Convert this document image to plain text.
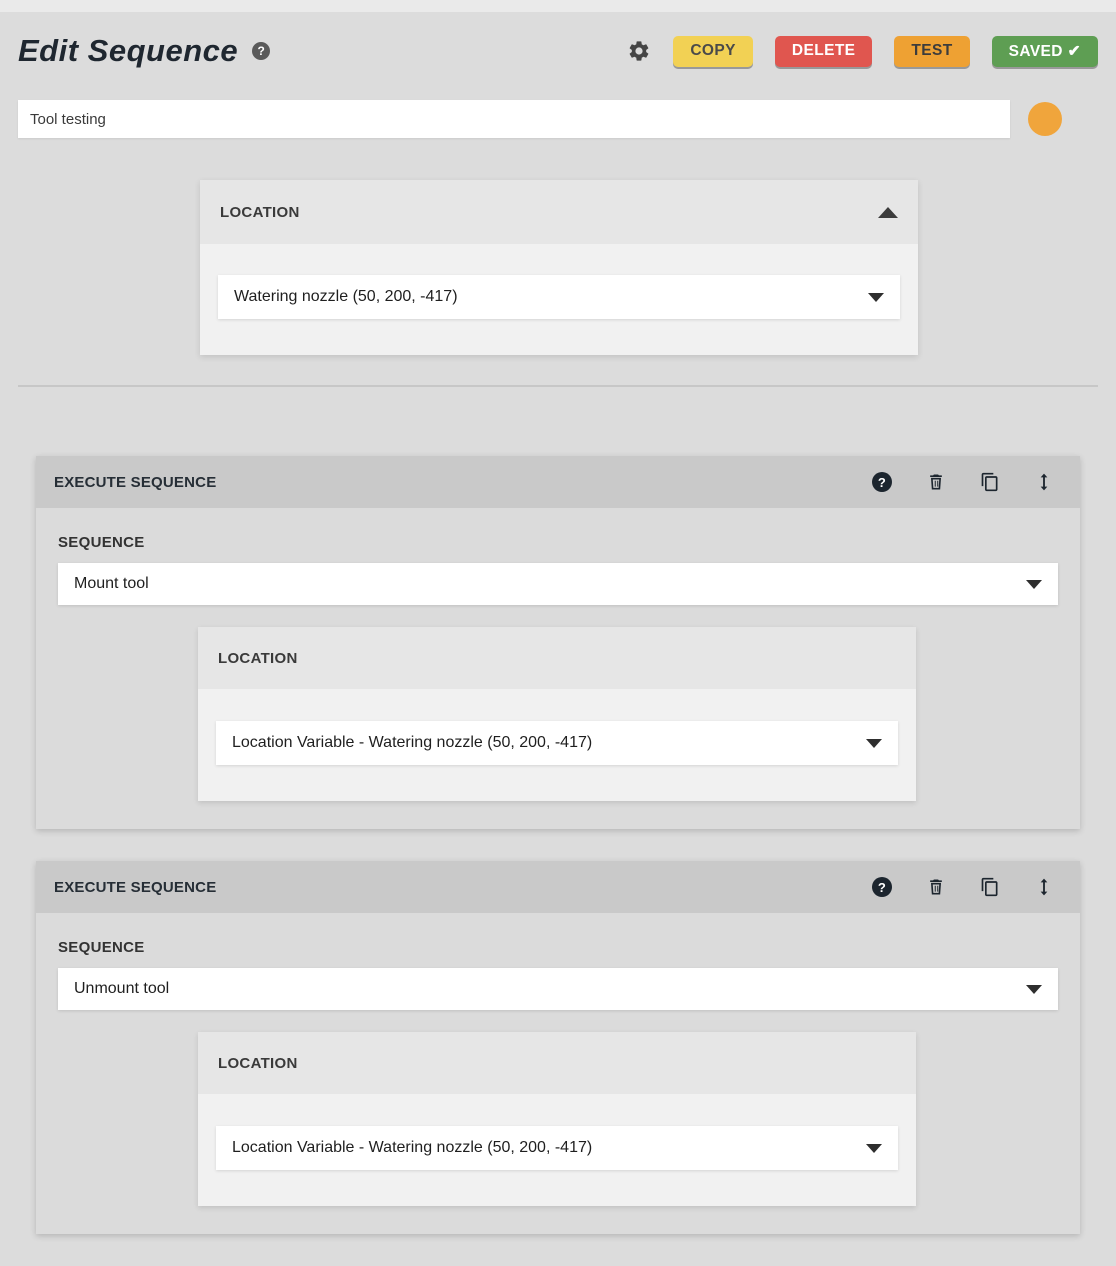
Edit Sequence	?	COPY	DELETE	TEST	SAVED ✔
Tool testing
LOCATION
Watering nozzle (50, 200, -417)
EXECUTE SEQUENCE	?
SEQUENCE
Mount tool
LOCATION
Location Variable - Watering nozzle (50, 200, -417)
EXECUTE SEQUENCE	?
SEQUENCE
Unmount tool
LOCATION
Location Variable - Watering nozzle (50, 200, -417)
